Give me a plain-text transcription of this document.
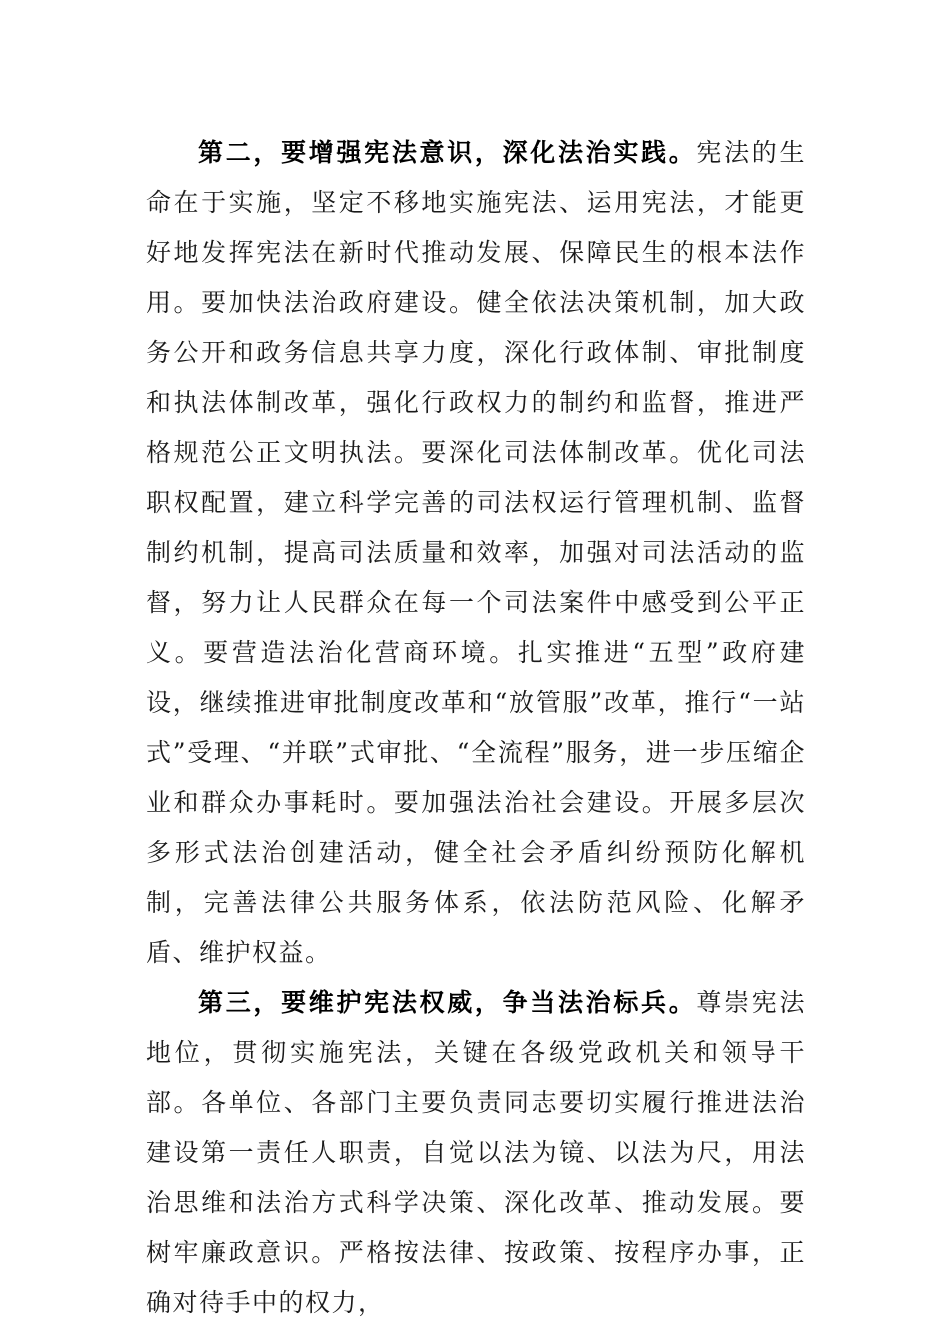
第二，要增强宪法意识，深化法治实践。宪法的生命在于实施，坚定不移地实施宪法、运用宪法，才能更好地发挥宪法在新时代推动发展、保障民生的根本法作用。要加快法治政府建设。健全依法决策机制，加大政务公开和政务信息共享力度，深化行政体制、审批制度和执法体制改革，强化行政权力的制约和监督，推进严格规范公正文明执法。要深化司法体制改革。优化司法职权配置，建立科学完善的司法权运行管理机制、监督制约机制，提高司法质量和效率，加强对司法活动的监督，努力让人民群众在每一个司法案件中感受到公平正义。要营造法治化营商环境。扎实推进“五型”政府建设，继续推进审批制度改革和“放管服”改革，推行“一站式”受理、“并联”式审批、“全流程”服务，进一步压缩企业和群众办事耗时。要加强法治社会建设。开展多层次多形式法治创建活动，健全社会矛盾纠纷预防化解机制，完善法律公共服务体系，依法防范风险、化解矛盾、维护权益。

第三，要维护宪法权威，争当法治标兵。尊崇宪法地位，贯彻实施宪法，关键在各级党政机关和领导干部。各单位、各部门主要负责同志要切实履行推进法治建设第一责任人职责，自觉以法为镜、以法为尺，用法治思维和法治方式科学决策、深化改革、推动发展。要树牢廉政意识。严格按法律、按政策、按程序办事，正确对待手中的权力，
